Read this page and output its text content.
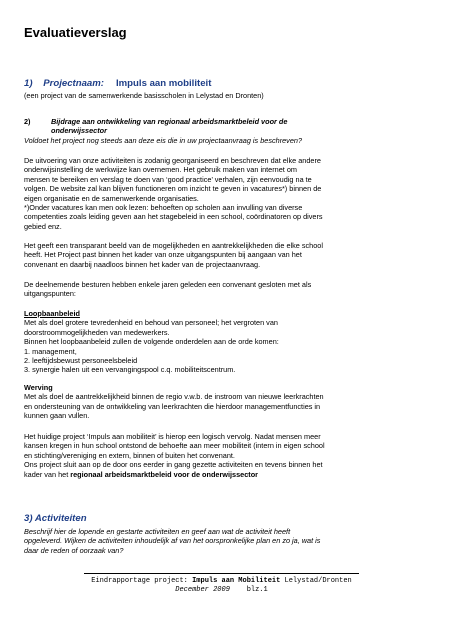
Evaluatieverslag
1) Projectnaam: Impuls aan mobiliteit
(een project van de samenwerkende basisscholen in Lelystad en Dronten)
2)	Bijdrage aan ontwikkeling van regionaal arbeidsmarktbeleid voor de
onderwijssector
Voldoet het project nog steeds aan deze eis die in uw projectaanvraag is beschreven?

De uitvoering van onze activiteiten is zodanig georganiseerd en beschreven dat elke andere

onderwijsinstelling de werkwijze kan overnemen. Het gebruik maken van internet om

mensen te bereiken en verslag te doen van ‘good practice’ verhalen, zijn eenvoudig na te

volgen. De website zal kan blijven functioneren om inzicht te geven in vacatures*) binnen de

eigen organisatie en de samenwerkende organisaties.

*)Onder vacatures kan men ook lezen: behoeften op scholen aan invulling van diverse

competenties zoals leiding geven aan het stagebeleid in een school, coördinatoren op divers

gebied enz.

Het geeft een transparant beeld van de mogelijkheden en aantrekkelijkheden die elke school

heeft. Het Project past binnen het kader van onze uitgangspunten bij aangaan van het

convenant en daarbij naadloos binnen het kader van de projectaanvraag.

De deelnemende besturen hebben enkele jaren geleden een convenant gesloten met als

uitgangspunten:

Loopbaanbeleid

Met als doel grotere tevredenheid en behoud van personeel; het vergroten van

doorstroommogelijkheden van medewerkers.

Binnen het loopbaanbeleid zullen de volgende onderdelen aan de orde komen:

1. management,

2. leeftijdsbewust personeelsbeleid

3. synergie halen uit een vervangingspool c.q. mobiliteitscentrum.

Werving

Met als doel de aantrekkelijkheid binnen de regio v.w.b. de instroom van nieuwe leerkrachten

en ondersteuning van de ontwikkeling van leerkrachten die hierdoor managementfuncties in

kunnen gaan vullen.

Het huidige project ‘Impuls aan mobiliteit’ is hierop een logisch vervolg. Nadat mensen meer

kansen kregen in hun school ontstond de behoefte aan meer mobiliteit (intern in eigen school

en stichting/vereniging en extern, binnen of buiten het convenant.

Ons project sluit aan op de door ons eerder in gang gezette activiteiten en tevens binnen het

kader van het regionaal arbeidsmarktbeleid voor de onderwijssector

3) Activiteiten
Beschrijf hier de lopende en gestarte activiteiten en geef aan wat de activiteit heeft
opgeleverd. Wijken de activiteiten inhoudelijk af van het oorspronkelijke plan en zo ja, wat is
daar de reden of oorzaak van?
Eindrapportage project: Impuls aan Mobiliteit Lelystad/Dronten
December 2009 blz.1
